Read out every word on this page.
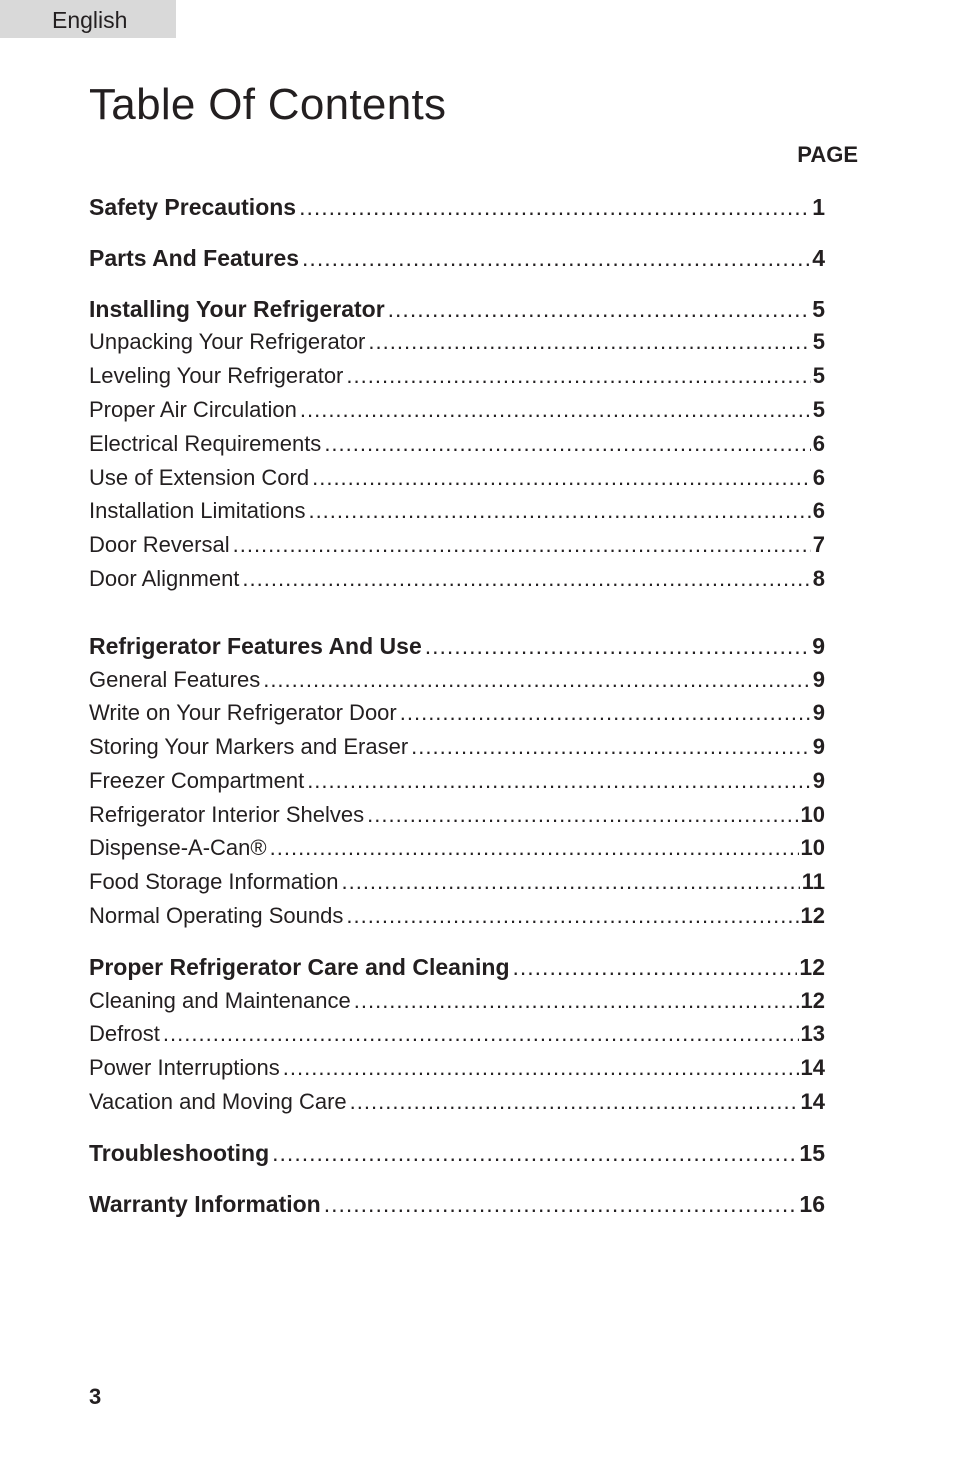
English
Table Of Contents
PAGE
Safety Precautions .....	1
Parts And Features .....	4
Installing Your Refrigerator .....	5
Unpacking Your Refrigerator .....	5
Leveling Your Refrigerator .....	5
Proper Air Circulation .....	5
Electrical Requirements .....	6
Use of Extension Cord .....	6
Installation Limitations .....	6
Door Reversal .....	7
Door Alignment .....	8
Refrigerator Features And Use .....	9
General Features .....	9
Write on Your Refrigerator Door .....	9
Storing Your Markers and Eraser .....	9
Freezer Compartment .....	9
Refrigerator Interior Shelves .....	10
Dispense-A-Can® .....	10
Food Storage Information .....	11
Normal Operating Sounds .....	12
Proper Refrigerator Care and Cleaning .....	12
Cleaning and Maintenance .....	12
Defrost .....	13
Power Interruptions .....	14
Vacation and Moving Care .....	14
Troubleshooting .....	15
Warranty Information .....	16
3
